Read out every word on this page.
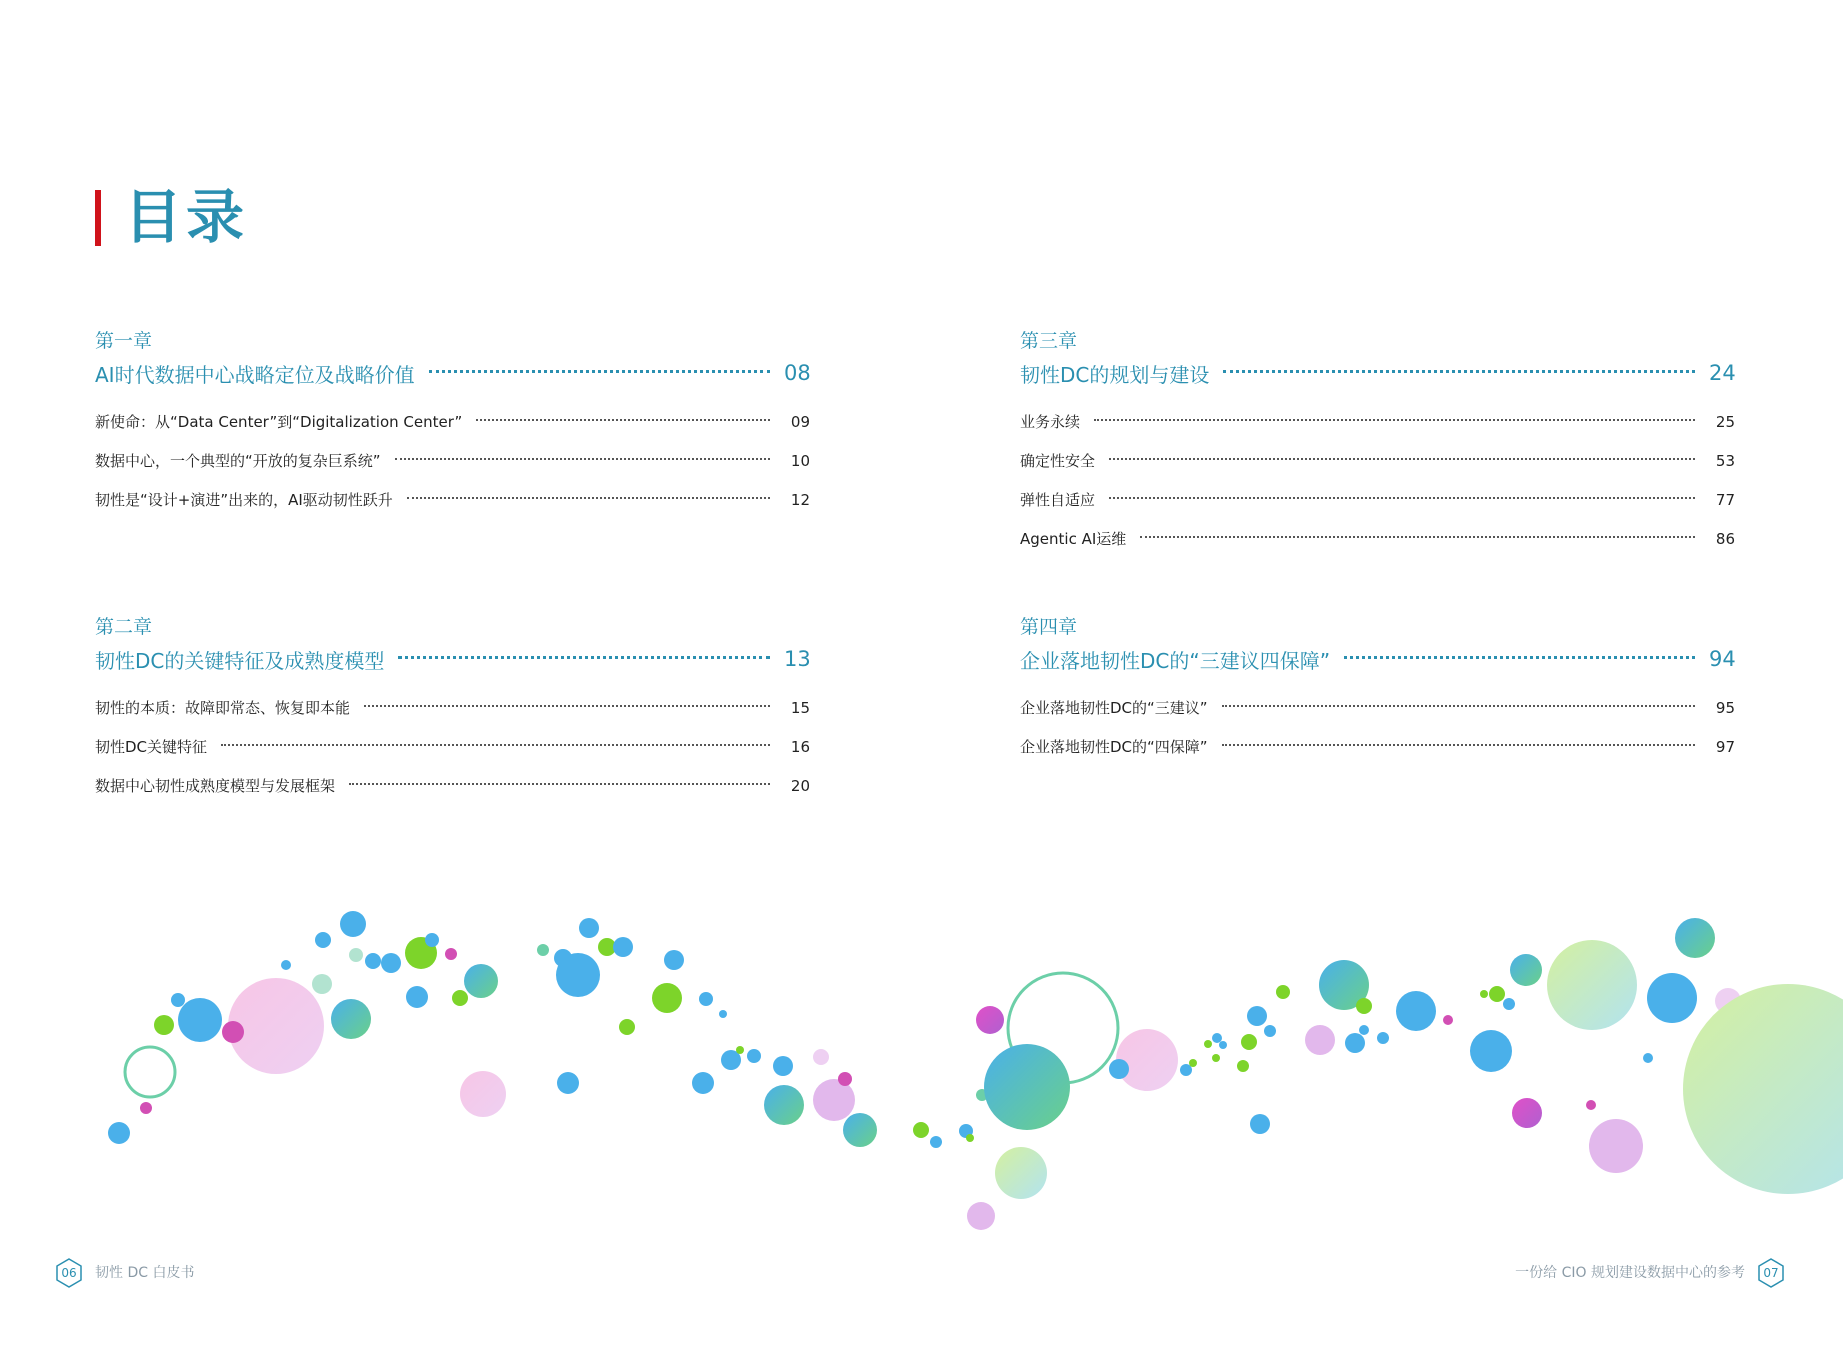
目录
第一章
AI时代数据中心战略定位及战略价值	08
新使命：从“Data Center”到“Digitalization Center”	09
数据中心，一个典型的“开放的复杂巨系统”	10
韧性是“设计+演进”出来的，AI驱动韧性跃升	12
第二章
韧性DC的关键特征及成熟度模型	13
韧性的本质：故障即常态、恢复即本能	15
韧性DC关键特征	16
数据中心韧性成熟度模型与发展框架	20
第三章
韧性DC的规划与建设	24
业务永续	25
确定性安全	53
弹性自适应	77
Agentic AI运维	86
第四章
企业落地韧性DC的“三建议四保障”	94
企业落地韧性DC的“三建议”	95
企业落地韧性DC的“四保障”	97
06	韧性 DC 白皮书	一份给 CIO 规划建设数据中心的参考	07
